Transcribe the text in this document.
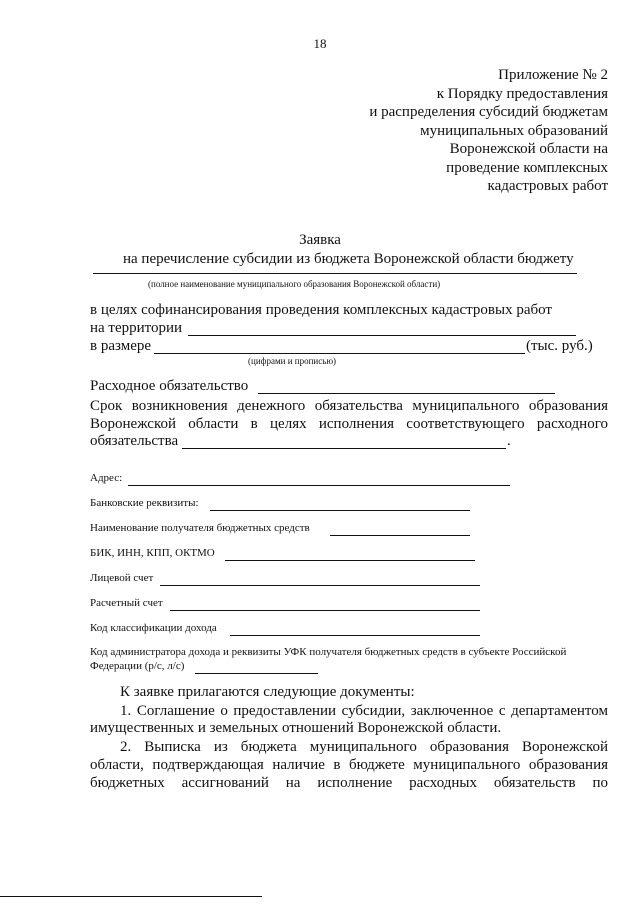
18
Приложение № 2
к Порядку предоставления
и распределения субсидий бюджетам
муниципальных образований
Воронежской области на
проведение комплексных
кадастровых работ
Заявка
на перечисление субсидии из бюджета Воронежской области бюджету
(полное наименование муниципального образования Воронежской области)
в целях софинансирования проведения комплексных кадастровых работ
на территории
в размере	(тыс. руб.)
(цифрами и прописью)
Расходное обязательство
Срок возникновения денежного обязательства муниципального образования
Воронежской области в целях исполнения соответствующего расходного
обязательства	.
Адрес:
Банковские реквизиты:
Наименование получателя бюджетных средств
БИК, ИНН, КПП, ОКТМО
Лицевой счет
Расчетный счет
Код классификации дохода
Код администратора дохода и реквизиты УФК получателя бюджетных средств в субъекте Российской
Федерации (р/с, л/с)
К заявке прилагаются следующие документы:
1. Соглашение о предоставлении субсидии, заключенное с департаментом
имущественных и земельных отношений Воронежской области.
2. Выписка из бюджета муниципального образования Воронежской
области, подтверждающая наличие в бюджете муниципального образования
бюджетных ассигнований на исполнение расходных обязательств по
